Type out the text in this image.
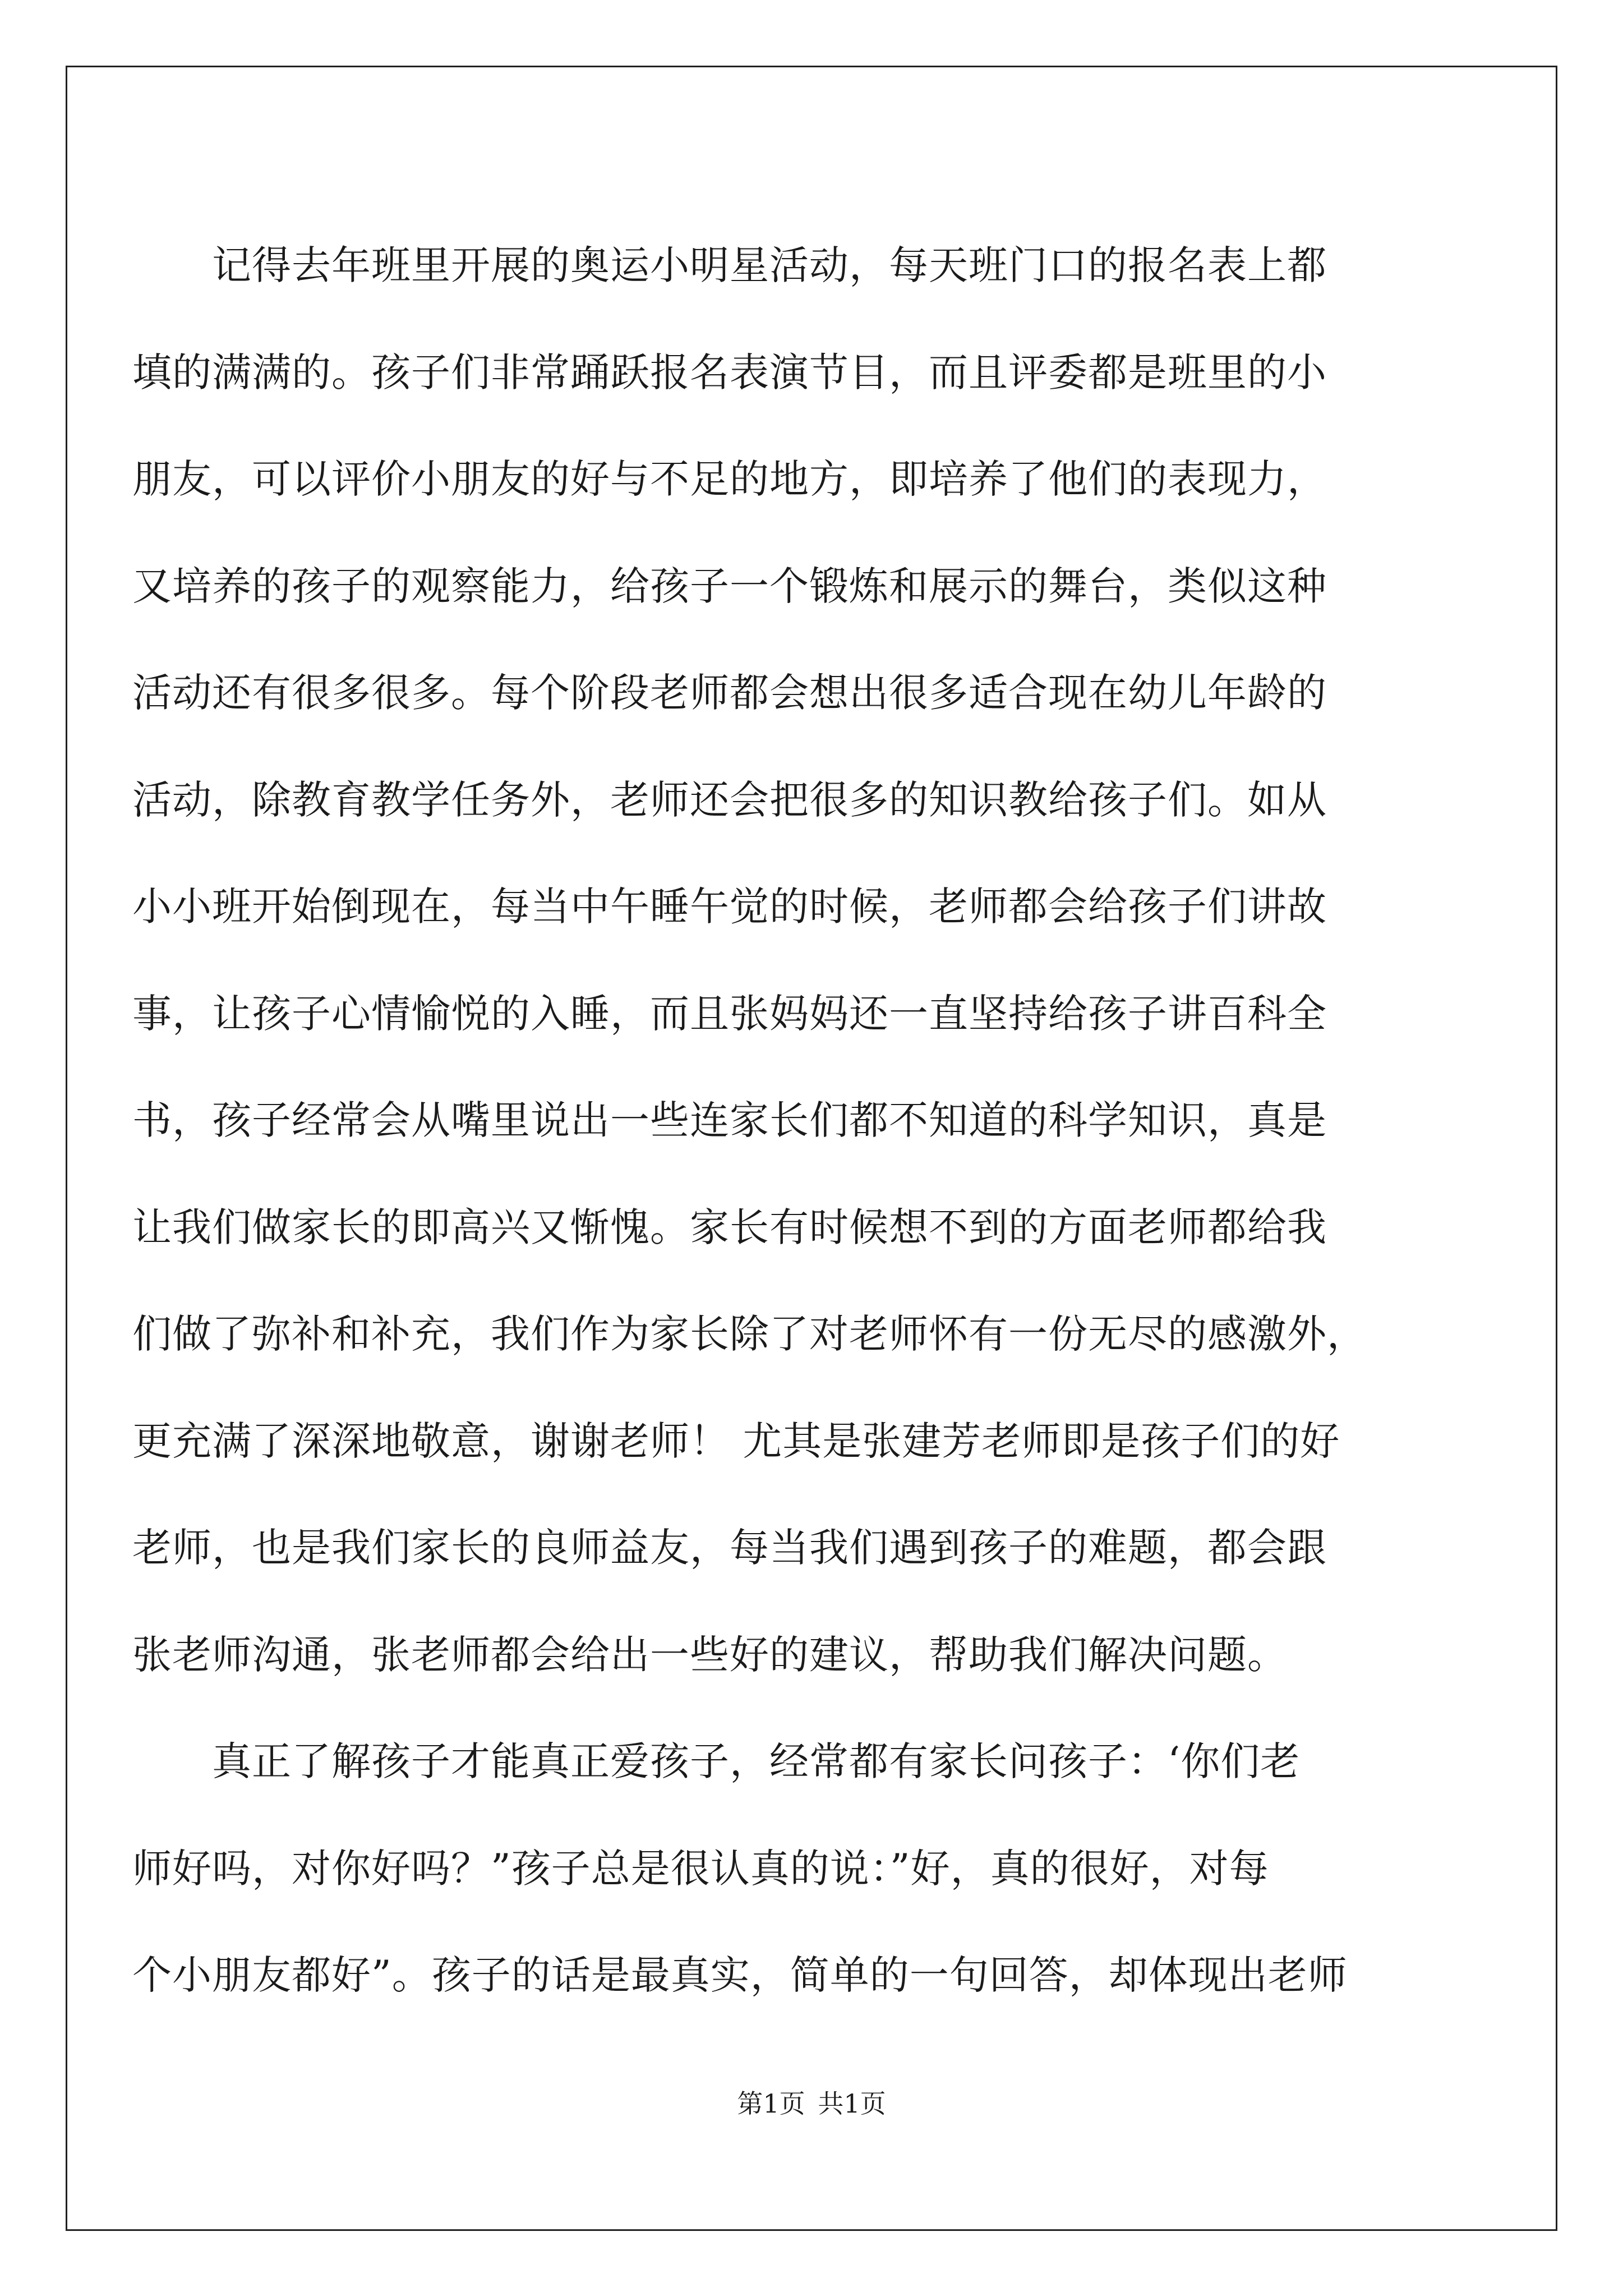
　　记得去年班里开展的奥运小明星活动，每天班门口的报名表上都
填的满满的。孩子们非常踊跃报名表演节目，而且评委都是班里的小
朋友，可以评价小朋友的好与不足的地方，即培养了他们的表现力，
又培养的孩子的观察能力，给孩子一个锻炼和展示的舞台，类似这种
活动还有很多很多。每个阶段老师都会想出很多适合现在幼儿年龄的
活动，除教育教学任务外，老师还会把很多的知识教给孩子们。如从
小小班开始倒现在，每当中午睡午觉的时候，老师都会给孩子们讲故
事，让孩子心情愉悦的入睡，而且张妈妈还一直坚持给孩子讲百科全
书，孩子经常会从嘴里说出一些连家长们都不知道的科学知识，真是
让我们做家长的即高兴又惭愧。家长有时候想不到的方面老师都给我
们做了弥补和补充，我们作为家长除了对老师怀有一份无尽的感激外，
更充满了深深地敬意，谢谢老师！ 尤其是张建芳老师即是孩子们的好
老师，也是我们家长的良师益友，每当我们遇到孩子的难题，都会跟
张老师沟通，张老师都会给出一些好的建议，帮助我们解决问题。
　　真正了解孩子才能真正爱孩子，经常都有家长问孩子：‘你们老
师好吗，对你好吗？”孩子总是很认真的说：”好，真的很好，对每
个小朋友都好”。孩子的话是最真实，简单的一句回答，却体现出老师
第1页 共1页
